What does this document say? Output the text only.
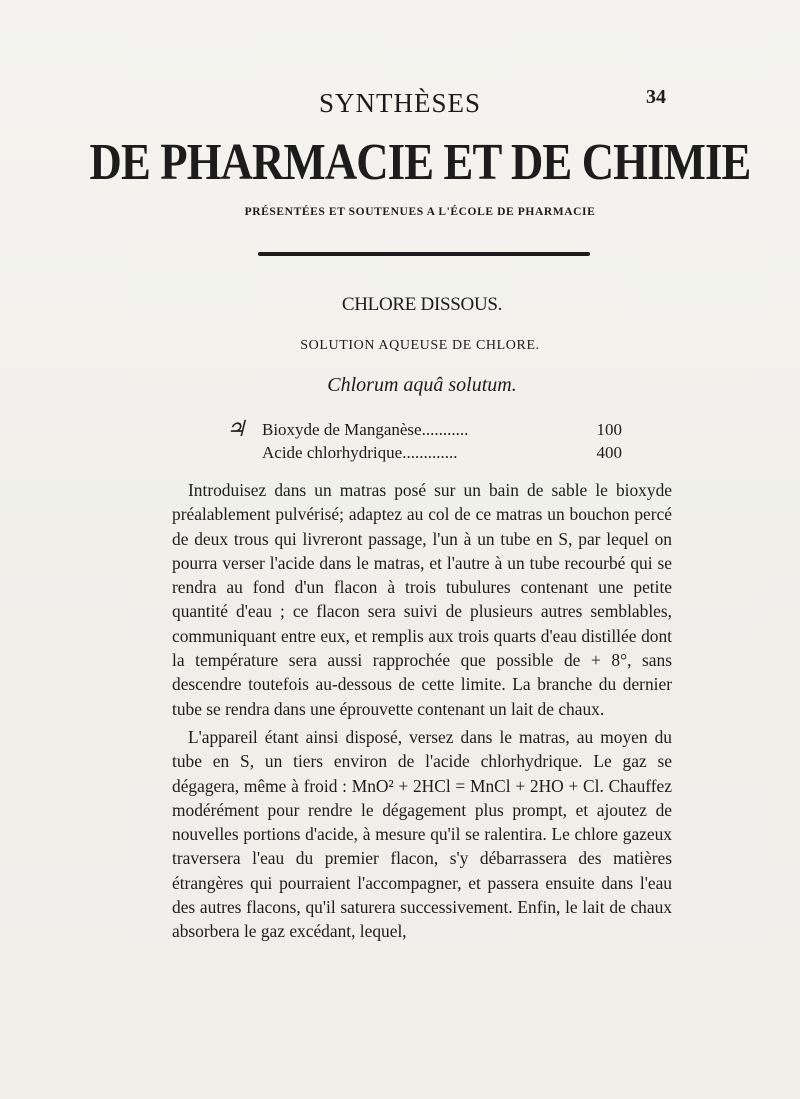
34
SYNTHÈSES
DE PHARMACIE ET DE CHIMIE
PRÉSENTÉES ET SOUTENUES A L'ÉCOLE DE PHARMACIE
CHLORE DISSOUS.
SOLUTION AQUEUSE DE CHLORE.
Chlorum aquâ solutum.
♃ Bioxyde de Manganèse...........	100
Acide chlorhydrique.............	400

Introduisez dans un matras posé sur un bain de sable le bioxyde préalablement pulvérisé; adaptez au col de ce matras un bouchon percé de deux trous qui livreront passage, l'un à un tube en S, par lequel on pourra verser l'acide dans le matras, et l'autre à un tube recourbé qui se rendra au fond d'un flacon à trois tubulures contenant une petite quantité d'eau ; ce flacon sera suivi de plusieurs autres semblables, communiquant entre eux, et remplis aux trois quarts d'eau distillée dont la température sera aussi rapprochée que possible de + 8°, sans descendre toutefois au-dessous de cette limite. La branche du dernier tube se rendra dans une éprouvette contenant un lait de chaux.

L'appareil étant ainsi disposé, versez dans le matras, au moyen du tube en S, un tiers environ de l'acide chlorhydrique. Le gaz se dégagera, même à froid : MnO² + 2HCl = MnCl + 2HO + Cl. Chauffez modérément pour rendre le dégagement plus prompt, et ajoutez de nouvelles portions d'acide, à mesure qu'il se ralentira. Le chlore gazeux traversera l'eau du premier flacon, s'y débarrassera des matières étrangères qui pourraient l'accompagner, et passera ensuite dans l'eau des autres flacons, qu'il saturera successivement. Enfin, le lait de chaux absorbera le gaz excédant, lequel,
